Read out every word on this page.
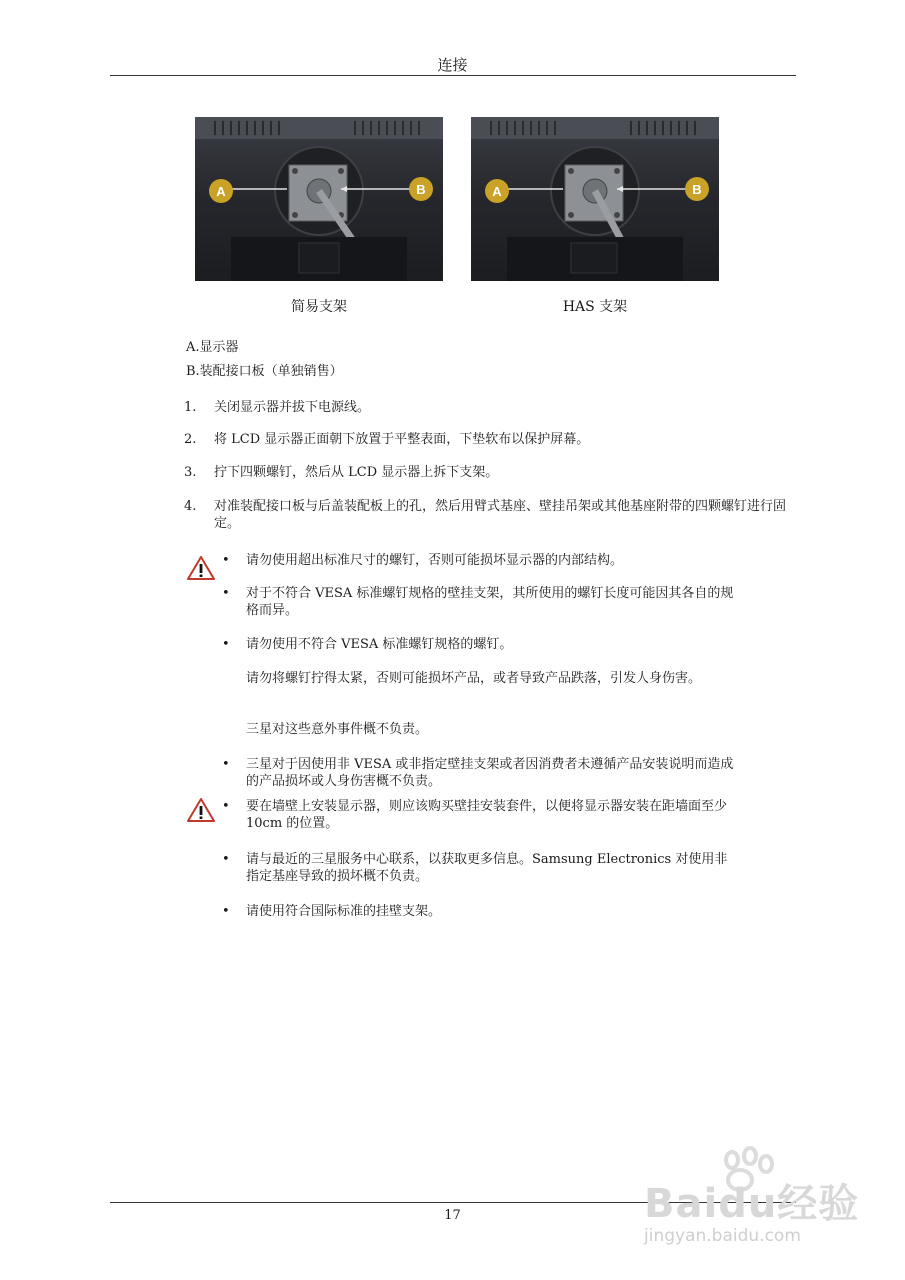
连接
A	B
简易支架
A	B
HAS 支架
A.显示器
B.装配接口板（单独销售）
1.	关闭显示器并拔下电源线。
2.	将 LCD 显示器正面朝下放置于平整表面，下垫软布以保护屏幕。
3.	拧下四颗螺钉，然后从 LCD 显示器上拆下支架。
4.	对准装配接口板与后盖装配板上的孔，然后用臂式基座、壁挂吊架或其他基座附带的四颗螺钉进行固定。
• 请勿使用超出标准尺寸的螺钉，否则可能损坏显示器的内部结构。
• 对于不符合 VESA 标准螺钉规格的壁挂支架，其所使用的螺钉长度可能因其各自的规格而异。
• 请勿使用不符合 VESA 标准螺钉规格的螺钉。
请勿将螺钉拧得太紧，否则可能损坏产品，或者导致产品跌落，引发人身伤害。
三星对这些意外事件概不负责。
• 三星对于因使用非 VESA 或非指定壁挂支架或者因消费者未遵循产品安装说明而造成的产品损坏或人身伤害概不负责。
• 要在墙壁上安装显示器，则应该购买壁挂安装套件，以便将显示器安装在距墙面至少 10cm 的位置。
• 请与最近的三星服务中心联系，以获取更多信息。Samsung Electronics 对使用非指定基座导致的损坏概不负责。
• 请使用符合国际标准的挂壁支架。
17	Baidu经验
jingyan.baidu.com
